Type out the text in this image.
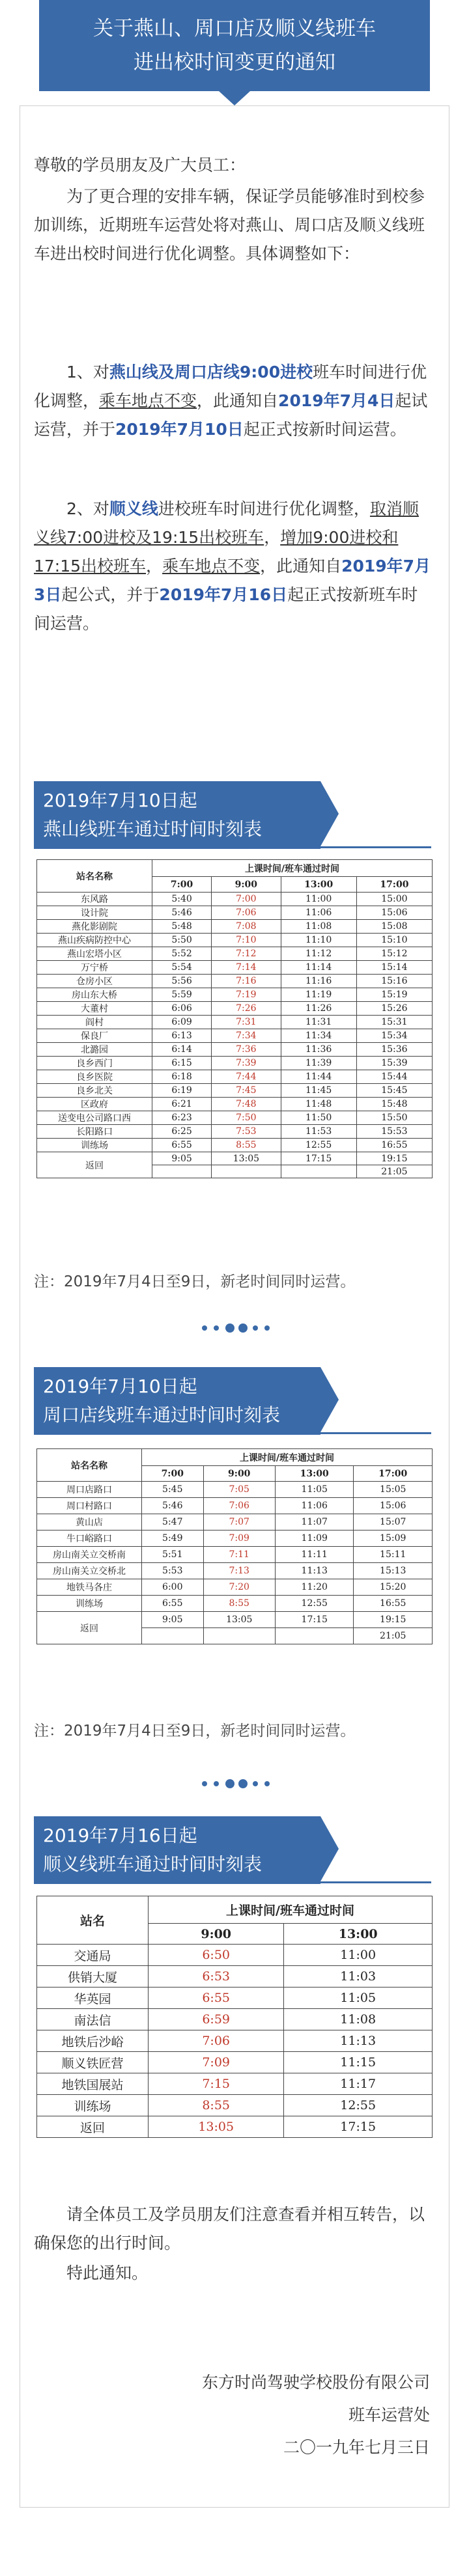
关于燕山、周口店及顺义线班车
进出校时间变更的通知
尊敬的学员朋友及广大员工：
为了更合理的安排车辆，保证学员能够准时到校参加训练，近期班车运营处将对燕山、周口店及顺义线班车进出校时间进行优化调整。具体调整如下：
1、对燕山线及周口店线9:00进校班车时间进行优化调整，乘车地点不变，此通知自2019年7月4日起试运营，并于2019年7月10日起正式按新时间运营。
2、对顺义线进校班车时间进行优化调整，取消顺义线7:00进校及19:15出校班车，增加9:00进校和17:15出校班车，乘车地点不变，此通知自2019年7月3日起公式，并于2019年7月16日起正式按新班车时间运营。
2019年7月10日起
燕山线班车通过时间时刻表
站名名称	上课时间/班车通过时间			
	7:00	9:00	13:00	17:00
东风路	5:40	7:00	11:00	15:00
设计院	5:46	7:06	11:06	15:06
燕化影剧院	5:48	7:08	11:08	15:08
燕山疾病防控中心	5:50	7:10	11:10	15:10
燕山宏塔小区	5:52	7:12	11:12	15:12
万宁桥	5:54	7:14	11:14	15:14
仓房小区	5:56	7:16	11:16	15:16
房山东大桥	5:59	7:19	11:19	15:19
大董村	6:06	7:26	11:26	15:26
阎村	6:09	7:31	11:31	15:31
保良厂	6:13	7:34	11:34	15:34
北潞园	6:14	7:36	11:36	15:36
良乡西门	6:15	7:39	11:39	15:39
良乡医院	6:18	7:44	11:44	15:44
良乡北关	6:19	7:45	11:45	15:45
区政府	6:21	7:48	11:48	15:48
送变电公司路口西	6:23	7:50	11:50	15:50
长阳路口	6:25	7:53	11:53	15:53
训练场	6:55	8:55	12:55	16:55
返回	9:05	13:05	17:15	19:15
				21:05
注：2019年7月4日至9日，新老时间同时运营。
2019年7月10日起
周口店线班车通过时间时刻表
站名名称	上课时间/班车通过时间			
	7:00	9:00	13:00	17:00
周口店路口	5:45	7:05	11:05	15:05
周口村路口	5:46	7:06	11:06	15:06
黄山店	5:47	7:07	11:07	15:07
牛口峪路口	5:49	7:09	11:09	15:09
房山南关立交桥南	5:51	7:11	11:11	15:11
房山南关立交桥北	5:53	7:13	11:13	15:13
地铁马各庄	6:00	7:20	11:20	15:20
训练场	6:55	8:55	12:55	16:55
返回	9:05	13:05	17:15	19:15
				21:05
注：2019年7月4日至9日，新老时间同时运营。
2019年7月16日起
顺义线班车通过时间时刻表
站名	上课时间/班车通过时间	
	9:00	13:00
交通局	6:50	11:00
供销大厦	6:53	11:03
华英园	6:55	11:05
南法信	6:59	11:08
地铁后沙峪	7:06	11:13
顺义铁匠营	7:09	11:15
地铁国展站	7:15	11:17
训练场	8:55	12:55
返回	13:05	17:15
请全体员工及学员朋友们注意查看并相互转告，以确保您的出行时间。
特此通知。
东方时尚驾驶学校股份有限公司
班车运营处
二〇一九年七月三日
